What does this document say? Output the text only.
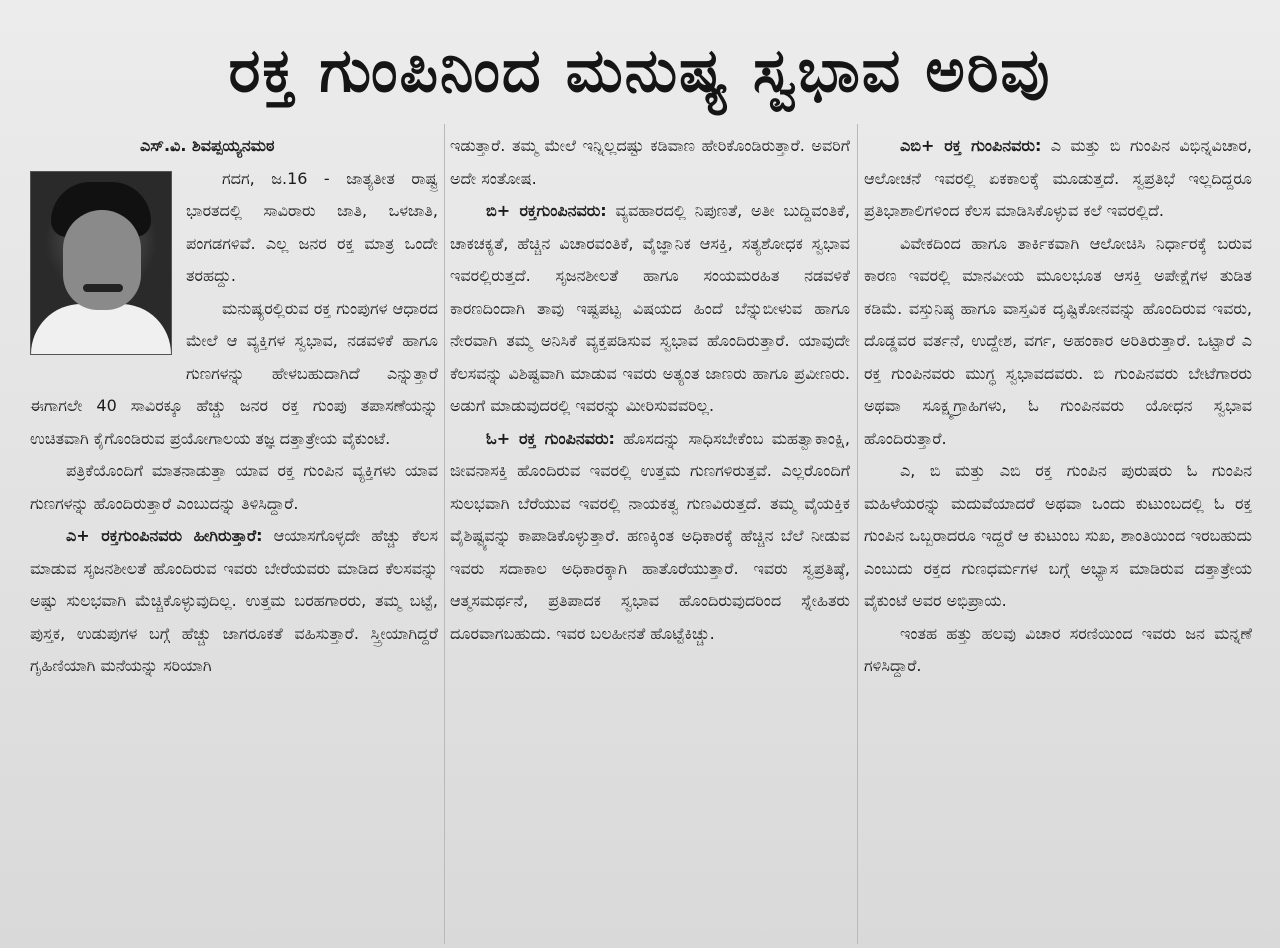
ರಕ್ತ ಗುಂಪಿನಿಂದ ಮನುಷ್ಯ ಸ್ವಭಾವ ಅರಿವು

ಎಸ್.ವಿ. ಶಿವಪ್ಪಯ್ಯನಮಠ

ಗದಗ, ಜ.16 - ಜಾತ್ಯತೀತ ರಾಷ್ಟ್ರ ಭಾರತದಲ್ಲಿ ಸಾವಿರಾರು ಜಾತಿ, ಒಳಜಾತಿ, ಪಂಗಡಗಳಿವೆ. ಎಲ್ಲ ಜನರ ರಕ್ತ ಮಾತ್ರ ಒಂದೇ ತರಹದ್ದು.

ಮನುಷ್ಯರಲ್ಲಿರುವ ರಕ್ತ ಗುಂಪುಗಳ ಆಧಾರದ ಮೇಲೆ ಆ ವ್ಯಕ್ತಿಗಳ ಸ್ವಭಾವ, ನಡವಳಿಕೆ ಹಾಗೂ ಗುಣಗಳನ್ನು ಹೇಳಬಹುದಾಗಿದೆ ಎನ್ನುತ್ತಾರೆ ಈಗಾಗಲೇ 40 ಸಾವಿರಕ್ಕೂ ಹೆಚ್ಚು ಜನರ ರಕ್ತ ಗುಂಪು ತಪಾಸಣೆಯನ್ನು ಉಚಿತವಾಗಿ ಕೈಗೊಂಡಿರುವ ಪ್ರಯೋಗಾಲಯ ತಜ್ಞ ದತ್ತಾತ್ರೇಯ ವೈಕುಂಟೆ.

ಪತ್ರಿಕೆಯೊಂದಿಗೆ ಮಾತನಾಡುತ್ತಾ ಯಾವ ರಕ್ತ ಗುಂಪಿನ ವ್ಯಕ್ತಿಗಳು ಯಾವ ಗುಣಗಳನ್ನು ಹೊಂದಿರುತ್ತಾರೆ ಎಂಬುದನ್ನು ತಿಳಿಸಿದ್ದಾರೆ.

ಎ+ ರಕ್ತಗುಂಪಿನವರು ಹೀಗಿರುತ್ತಾರೆ: ಆಯಾಸಗೊಳ್ಳದೇ ಹೆಚ್ಚು ಕೆಲಸ ಮಾಡುವ ಸೃಜನಶೀಲತೆ ಹೊಂದಿರುವ ಇವರು ಬೇರೆಯವರು ಮಾಡಿದ ಕೆಲಸವನ್ನು ಅಷ್ಟು ಸುಲಭವಾಗಿ ಮೆಚ್ಚಿಕೊಳ್ಳುವುದಿಲ್ಲ. ಉತ್ತಮ ಬರಹಗಾರರು, ತಮ್ಮ ಬಟ್ಟೆ, ಪುಸ್ತಕ, ಉಡುಪುಗಳ ಬಗ್ಗೆ ಹೆಚ್ಚು ಜಾಗರೂಕತೆ ವಹಿಸುತ್ತಾರೆ. ಸ್ತ್ರೀಯಾಗಿದ್ದರೆ ಗೃಹಿಣಿಯಾಗಿ ಮನೆಯನ್ನು ಸರಿಯಾಗಿ

ಇಡುತ್ತಾರೆ. ತಮ್ಮ ಮೇಲೆ ಇನ್ನಿಲ್ಲದಷ್ಟು ಕಡಿವಾಣ ಹೇರಿಕೊಂಡಿರುತ್ತಾರೆ. ಅವರಿಗೆ ಅದೇ ಸಂತೋಷ.

ಬಿ+ ರಕ್ತಗುಂಪಿನವರು: ವ್ಯವಹಾರದಲ್ಲಿ ನಿಪುಣತೆ, ಅತೀ ಬುದ್ದಿವಂತಿಕೆ, ಚಾಕಚಕ್ಯತೆ, ಹೆಚ್ಚಿನ ವಿಚಾರವಂತಿಕೆ, ವೈಜ್ಞಾನಿಕ ಆಸಕ್ತಿ, ಸತ್ಯಶೋಧಕ ಸ್ವಭಾವ ಇವರಲ್ಲಿರುತ್ತದೆ. ಸೃಜನಶೀಲತೆ ಹಾಗೂ ಸಂಯಮರಹಿತ ನಡವಳಿಕೆ ಕಾರಣದಿಂದಾಗಿ ತಾವು ಇಷ್ಟಪಟ್ಟ ವಿಷಯದ ಹಿಂದೆ ಬೆನ್ನುಬೀಳುವ ಹಾಗೂ ನೇರವಾಗಿ ತಮ್ಮ ಅನಿಸಿಕೆ ವ್ಯಕ್ತಪಡಿಸುವ ಸ್ವಭಾವ ಹೊಂದಿರುತ್ತಾರೆ. ಯಾವುದೇ ಕೆಲಸವನ್ನು ವಿಶಿಷ್ಟವಾಗಿ ಮಾಡುವ ಇವರು ಅತ್ಯಂತ ಜಾಣರು ಹಾಗೂ ಪ್ರವೀಣರು. ಅಡುಗೆ ಮಾಡುವುದರಲ್ಲಿ ಇವರನ್ನು ಮೀರಿಸುವವರಿಲ್ಲ.

ಓ+ ರಕ್ತ ಗುಂಪಿನವರು: ಹೊಸದನ್ನು ಸಾಧಿಸಬೇಕೆಂಬ ಮಹತ್ವಾಕಾಂಕ್ಷಿ, ಜೀವನಾಸಕ್ತಿ ಹೊಂದಿರುವ ಇವರಲ್ಲಿ ಉತ್ತಮ ಗುಣಗಳಿರುತ್ತವೆ. ಎಲ್ಲರೊಂದಿಗೆ ಸುಲಭವಾಗಿ ಬೆರೆಯುವ ಇವರಲ್ಲಿ ನಾಯಕತ್ವ ಗುಣವಿರುತ್ತದೆ. ತಮ್ಮ ವೈಯಕ್ತಿಕ ವೈಶಿಷ್ಟ್ಯವನ್ನು ಕಾಪಾಡಿಕೊಳ್ಳುತ್ತಾರೆ. ಹಣಕ್ಕಿಂತ ಅಧಿಕಾರಕ್ಕೆ ಹೆಚ್ಚಿನ ಬೆಲೆ ನೀಡುವ ಇವರು ಸದಾಕಾಲ ಅಧಿಕಾರಕ್ಕಾಗಿ ಹಾತೊರೆಯುತ್ತಾರೆ. ಇವರು ಸ್ವಪ್ರತಿಷ್ಠೆ, ಆತ್ಮಸಮರ್ಥನೆ, ಪ್ರತಿಪಾದಕ ಸ್ವಭಾವ ಹೊಂದಿರುವುದರಿಂದ ಸ್ನೇಹಿತರು ದೂರವಾಗಬಹುದು. ಇವರ ಬಲಹೀನತೆ ಹೊಟ್ಟೆಕಿಚ್ಚು.

ಎಬಿ+ ರಕ್ತ ಗುಂಪಿನವರು: ಎ ಮತ್ತು ಬಿ ಗುಂಪಿನ ವಿಭಿನ್ನವಿಚಾರ, ಆಲೋಚನೆ ಇವರಲ್ಲಿ ಏಕಕಾಲಕ್ಕೆ ಮೂಡುತ್ತದೆ. ಸ್ವಪ್ರತಿಭೆ ಇಲ್ಲದಿದ್ದರೂ ಪ್ರತಿಭಾಶಾಲಿಗಳಿಂದ ಕೆಲಸ ಮಾಡಿಸಿಕೊಳ್ಳುವ ಕಲೆ ಇವರಲ್ಲಿದೆ.

ವಿವೇಕದಿಂದ ಹಾಗೂ ತಾರ್ಕಿಕವಾಗಿ ಆಲೋಚಿಸಿ ನಿರ್ಧಾರಕ್ಕೆ ಬರುವ ಕಾರಣ ಇವರಲ್ಲಿ ಮಾನವೀಯ ಮೂಲಭೂತ ಆಸಕ್ತಿ ಅಪೇಕ್ಷೆಗಳ ತುಡಿತ ಕಡಿಮೆ. ವಸ್ತುನಿಷ್ಠ ಹಾಗೂ ವಾಸ್ತವಿಕ ದೃಷ್ಟಿಕೋನವನ್ನು ಹೊಂದಿರುವ ಇವರು, ದೊಡ್ಡವರ ವರ್ತನೆ, ಉದ್ದೇಶ, ವರ್ಗ, ಅಹಂಕಾರ ಅರಿತಿರುತ್ತಾರೆ. ಒಟ್ಟಾರೆ ಎ ರಕ್ತ ಗುಂಪಿನವರು ಮುಗ್ಧ ಸ್ವಭಾವದವರು. ಬಿ ಗುಂಪಿನವರು ಬೇಟೆಗಾರರು ಅಥವಾ ಸೂಕ್ಷ್ಮಗ್ರಾಹಿಗಳು, ಓ ಗುಂಪಿನವರು ಯೋಧನ ಸ್ವಭಾವ ಹೊಂದಿರುತ್ತಾರೆ.

ಎ, ಬಿ ಮತ್ತು ಎಬಿ ರಕ್ತ ಗುಂಪಿನ ಪುರುಷರು ಓ ಗುಂಪಿನ ಮಹಿಳೆಯರನ್ನು ಮದುವೆಯಾದರೆ ಅಥವಾ ಒಂದು ಕುಟುಂಬದಲ್ಲಿ ಓ ರಕ್ತ ಗುಂಪಿನ ಒಬ್ಬರಾದರೂ ಇದ್ದರೆ ಆ ಕುಟುಂಬ ಸುಖ, ಶಾಂತಿಯಿಂದ ಇರಬಹುದು ಎಂಬುದು ರಕ್ತದ ಗುಣಧರ್ಮಗಳ ಬಗ್ಗೆ ಅಭ್ಯಾಸ ಮಾಡಿರುವ ದತ್ತಾತ್ರೇಯ ವೈಕುಂಟೆ ಅವರ ಅಭಿಪ್ರಾಯ.

ಇಂತಹ ಹತ್ತು ಹಲವು ವಿಚಾರ ಸರಣಿಯಿಂದ ಇವರು ಜನ ಮನ್ನಣೆ ಗಳಿಸಿದ್ದಾರೆ.
